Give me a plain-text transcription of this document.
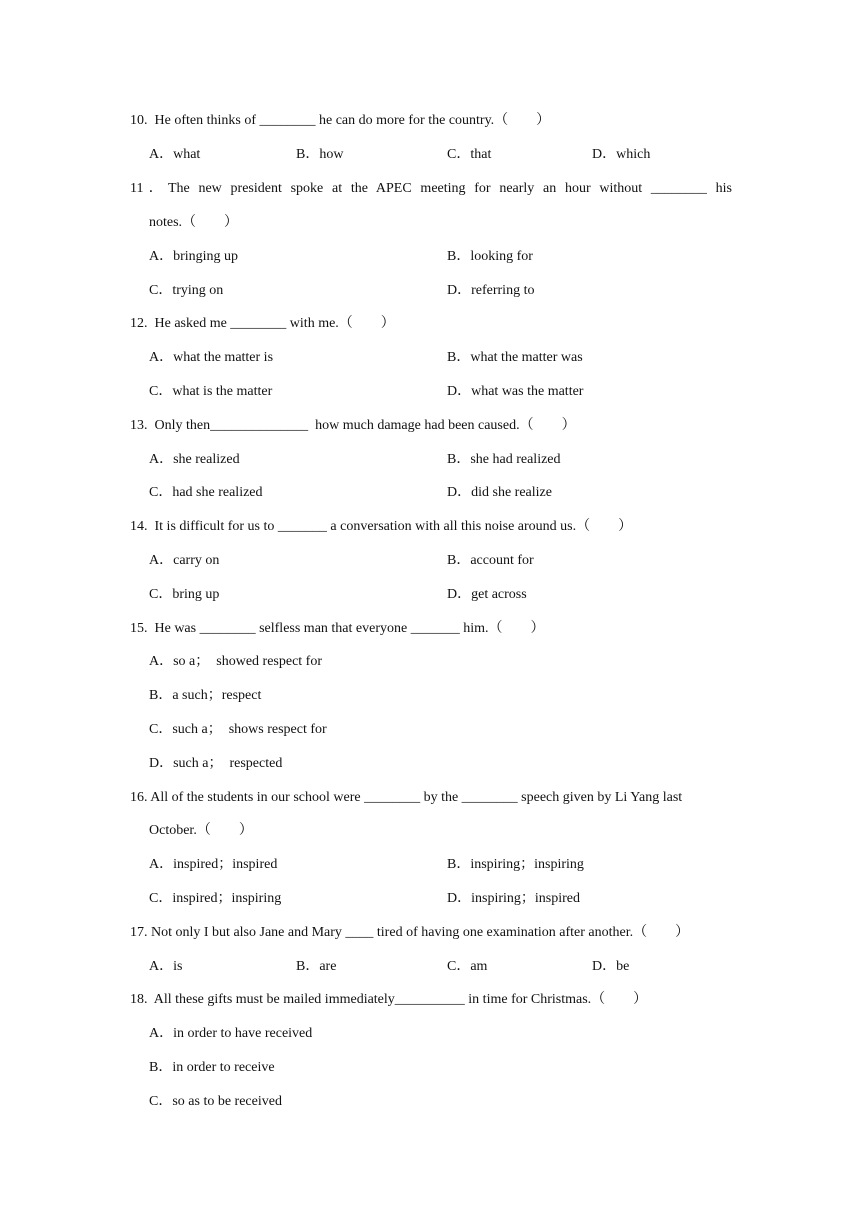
10.  He often thinks of ________ he can do more for the country.（        ）
A．what	B．how	C．that	D．which
11．The new president spoke at the APEC meeting for nearly an hour without ________ his
notes.（        ）
A．bringing up	B．looking for
C．trying on	D．referring to
12.  He asked me ________ with me.（        ）
A．what the matter is	B．what the matter was
C．what is the matter	D．what was the matter
13.  Only then______________  how much damage had been caused.（        ）
A．she realized	B．she had realized
C．had she realized	D．did she realize
14.  It is difficult for us to _______ a conversation with all this noise around us.（        ）
A．carry on	B．account for
C．bring up	D．get across
15.  He was ________ selfless man that everyone _______ him.（        ）
A．so a；  showed respect for
B．a such；respect
C．such a；  shows respect for
D．such a；  respected
16. All of the students in our school were ________ by the ________ speech given by Li Yang last
October.（        ）
A．inspired；inspired	B．inspiring；inspiring
C．inspired；inspiring	D．inspiring；inspired
17. Not only I but also Jane and Mary ____ tired of having one examination after another.（        ）
A．is	B．are	C．am	D．be
18.  All these gifts must be mailed immediately__________ in time for Christmas.（        ）
A．in order to have received
B．in order to receive
C．so as to be received
